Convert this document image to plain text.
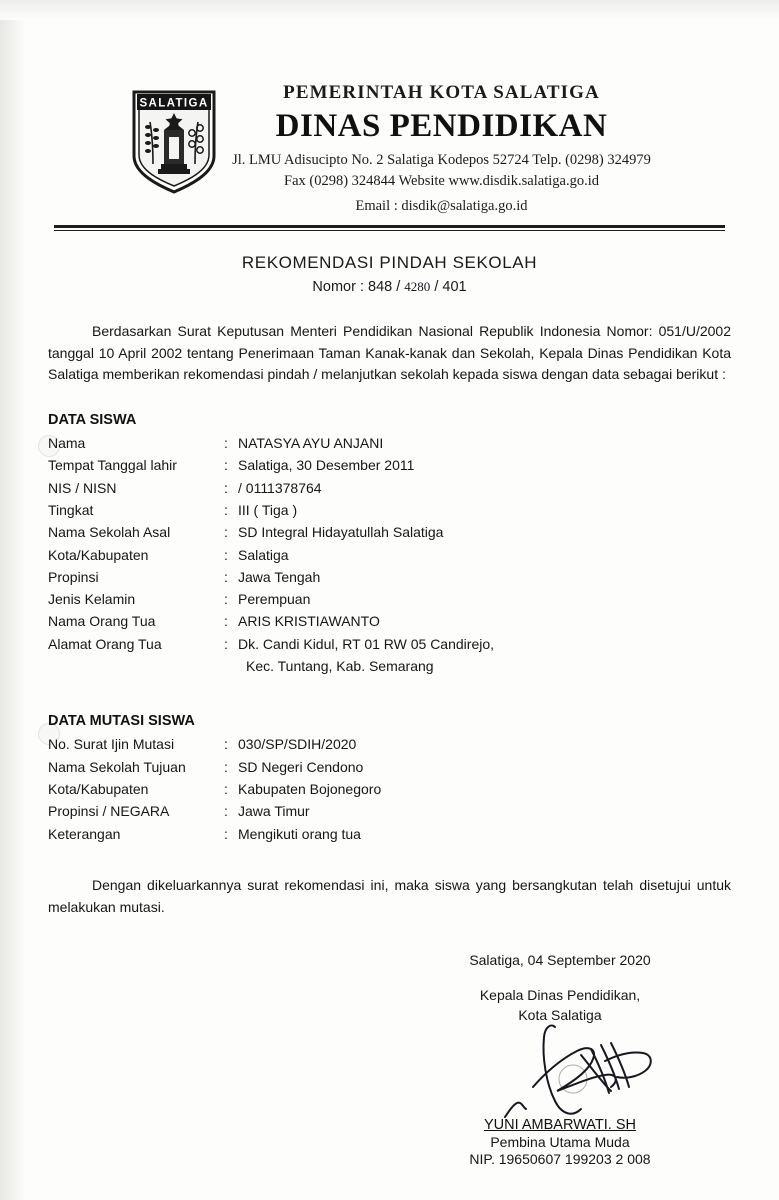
SALATIGA
PEMERINTAH KOTA SALATIGA
DINAS PENDIDIKAN
Jl. LMU Adisucipto No. 2 Salatiga Kodepos 52724 Telp. (0298) 324979
Fax (0298) 324844 Website www.disdik.salatiga.go.id
Email : disdik@salatiga.go.id
REKOMENDASI PINDAH SEKOLAH
Nomor : 848 / 4280 / 401
Berdasarkan Surat Keputusan Menteri Pendidikan Nasional Republik Indonesia Nomor: 051/U/2002 tanggal 10 April 2002 tentang Penerimaan Taman Kanak-kanak dan Sekolah, Kepala Dinas Pendidikan Kota Salatiga memberikan rekomendasi pindah / melanjutkan sekolah kepada siswa dengan data sebagai berikut :
DATA SISWA
Nama	:	NATASYA AYU ANJANI
Tempat Tanggal lahir	:	Salatiga, 30 Desember 2011
NIS / NISN	:	/ 0111378764
Tingkat	:	III ( Tiga )
Nama Sekolah Asal	:	SD Integral Hidayatullah Salatiga
Kota/Kabupaten	:	Salatiga
Propinsi	:	Jawa Tengah
Jenis Kelamin	:	Perempuan
Nama Orang Tua	:	ARIS KRISTIAWANTO
Alamat Orang Tua	:	Dk. Candi Kidul, RT 01 RW 05 Candirejo,
		Kec. Tuntang, Kab. Semarang
DATA MUTASI SISWA
No. Surat Ijin Mutasi	:	030/SP/SDIH/2020
Nama Sekolah Tujuan	:	SD Negeri Cendono
Kota/Kabupaten	:	Kabupaten Bojonegoro
Propinsi / NEGARA	:	Jawa Timur
Keterangan	:	Mengikuti orang tua
Dengan dikeluarkannya surat rekomendasi ini, maka siswa yang bersangkutan telah disetujui untuk melakukan mutasi.
Salatiga, 04 September 2020
Kepala Dinas Pendidikan,
Kota Salatiga
YUNI AMBARWATI. SH
Pembina Utama Muda
NIP. 19650607 199203 2 008
